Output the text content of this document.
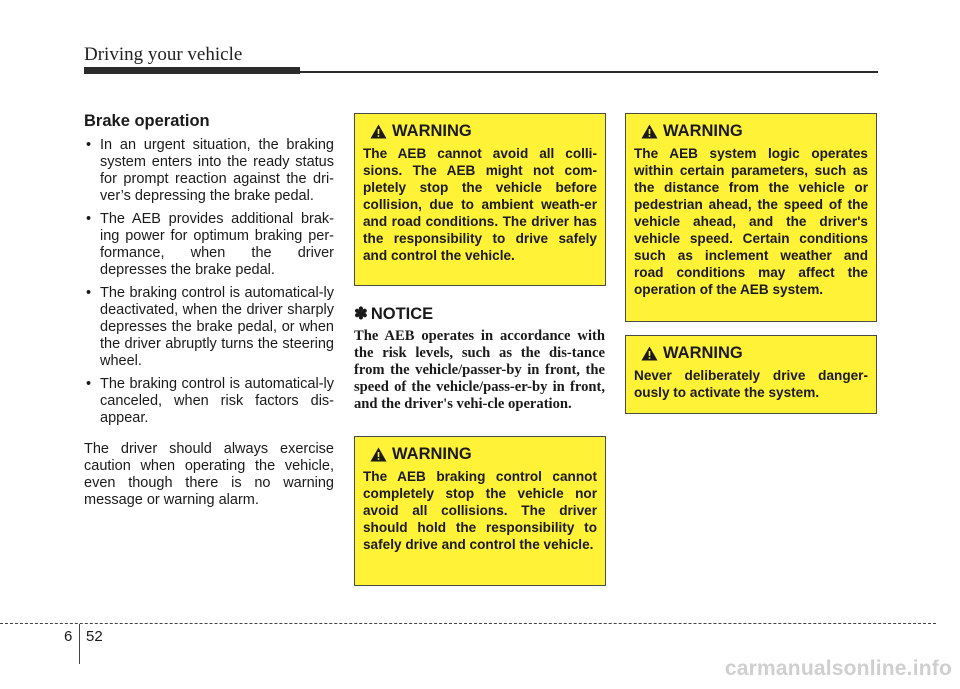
Driving your vehicle
Brake operation
• In an urgent situation, the braking system enters into the ready status for prompt reaction against the dri-ver’s depressing the brake pedal.
• The AEB provides additional brak-ing power for optimum braking per-formance, when the driver depresses the brake pedal.
• The braking control is automatical-ly deactivated, when the driver sharply depresses the brake pedal, or when the driver abruptly turns the steering wheel.
• The braking control is automatical-ly canceled, when risk factors dis-appear.

The driver should always exercise caution when operating the vehicle, even though there is no warning message or warning alarm.

WARNING
The AEB cannot avoid all colli-sions. The AEB might not com-pletely stop the vehicle before collision, due to ambient weath-er and road conditions. The driver has the responsibility to drive safely and control the vehicle.
✽ NOTICE
The AEB operates in accordance with the risk levels, such as the dis-tance from the vehicle/passer-by in front, the speed of the vehicle/pass-er-by in front, and the driver's vehi-cle operation.
WARNING
The AEB braking control cannot completely stop the vehicle nor avoid all collisions. The driver should hold the responsibility to safely drive and control the vehicle.
WARNING
The AEB system logic operates within certain parameters, such as the distance from the vehicle or pedestrian ahead, the speed of the vehicle ahead, and the driver's vehicle speed. Certain conditions such as inclement weather and road conditions may affect the operation of the AEB system.
WARNING
Never deliberately drive danger-ously to activate the system.
6 52
carmanualsonline.info
